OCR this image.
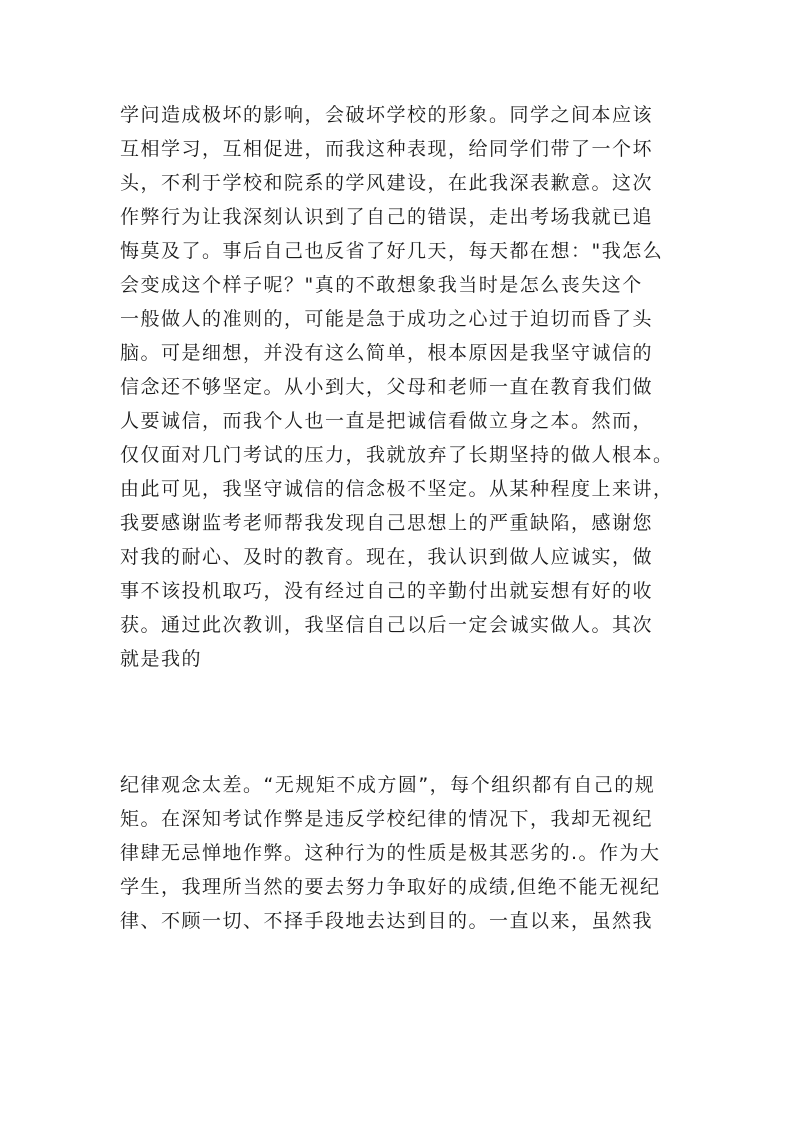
学问造成极坏的影响，会破坏学校的形象。同学之间本应该
互相学习，互相促进，而我这种表现，给同学们带了一个坏
头，不利于学校和院系的学风建设，在此我深表歉意。这次
作弊行为让我深刻认识到了自己的错误，走出考场我就已追
悔莫及了。事后自己也反省了好几天，每天都在想："我怎么
会变成这个样子呢？"真的不敢想象我当时是怎么丧失这个
一般做人的准则的，可能是急于成功之心过于迫切而昏了头
脑。可是细想，并没有这么简单，根本原因是我坚守诚信的
信念还不够坚定。从小到大，父母和老师一直在教育我们做
人要诚信，而我个人也一直是把诚信看做立身之本。然而，
仅仅面对几门考试的压力，我就放弃了长期坚持的做人根本。
由此可见，我坚守诚信的信念极不坚定。从某种程度上来讲，
我要感谢监考老师帮我发现自己思想上的严重缺陷，感谢您
对我的耐心、及时的教育。现在，我认识到做人应诚实，做
事不该投机取巧，没有经过自己的辛勤付出就妄想有好的收
获。通过此次教训，我坚信自己以后一定会诚实做人。其次
就是我的
纪律观念太差。“无规矩不成方圆”，每个组织都有自己的规
矩。在深知考试作弊是违反学校纪律的情况下，我却无视纪
律肆无忌惮地作弊。这种行为的性质是极其恶劣的.。作为大
学生，我理所当然的要去努力争取好的成绩,但绝不能无视纪
律、不顾一切、不择手段地去达到目的。一直以来，虽然我
